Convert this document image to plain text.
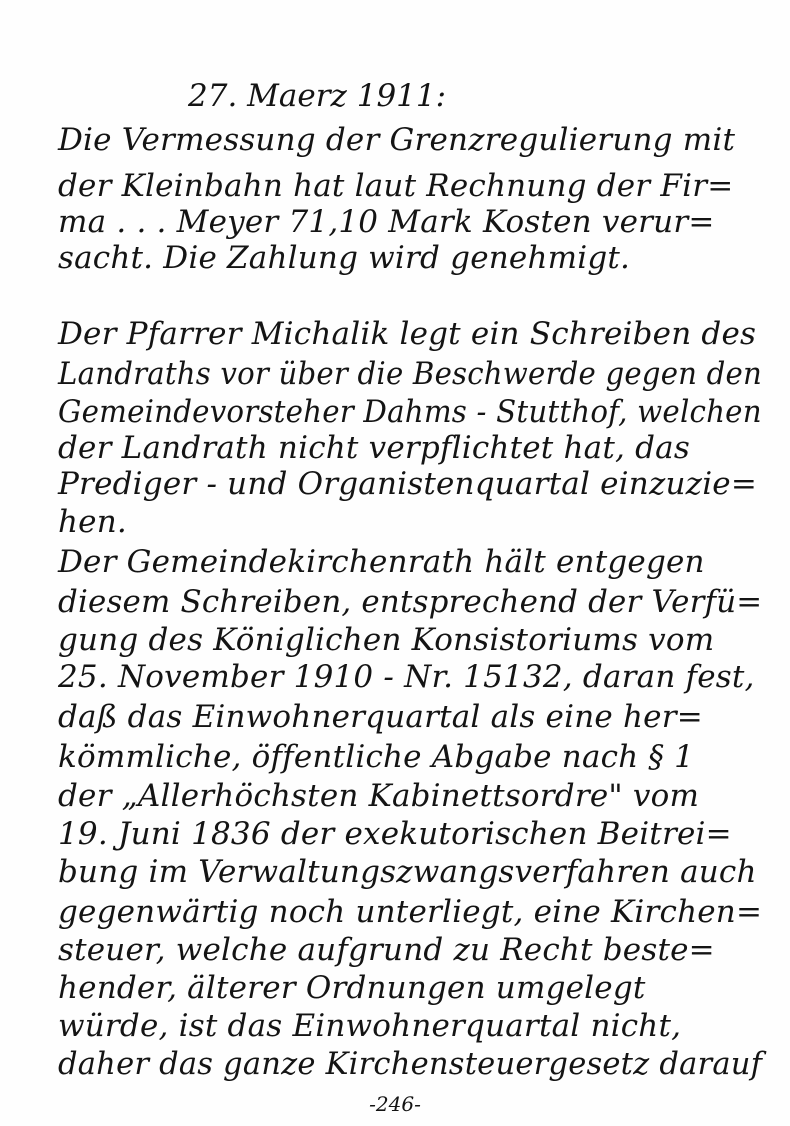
27. Maerz 1911:
Die Vermessung der Grenzregulierung mit
der Kleinbahn hat laut Rechnung der Fir=
ma . . . Meyer 71,10 Mark Kosten verur=
sacht. Die Zahlung wird genehmigt.
Der Pfarrer Michalik legt ein Schreiben des
Landraths vor über die Beschwerde gegen den
Gemeindevorsteher Dahms - Stutthof, welchen
der Landrath nicht verpflichtet hat, das
Prediger - und Organistenquartal einzuzie=
hen.
Der Gemeindekirchenrath hält entgegen
diesem Schreiben, entsprechend der Verfü=
gung des Königlichen Konsistoriums vom
25. November 1910 - Nr. 15132, daran fest,
daß das Einwohnerquartal als eine her=
kömmliche, öffentliche Abgabe nach § 1
der „Allerhöchsten Kabinettsordre" vom
19. Juni 1836 der exekutorischen Beitrei=
bung im Verwaltungszwangsverfahren auch
gegenwärtig noch unterliegt, eine Kirchen=
steuer, welche aufgrund zu Recht beste=
hender, älterer Ordnungen umgelegt
würde, ist das Einwohnerquartal nicht,
daher das ganze Kirchensteuergesetz darauf
-246-
